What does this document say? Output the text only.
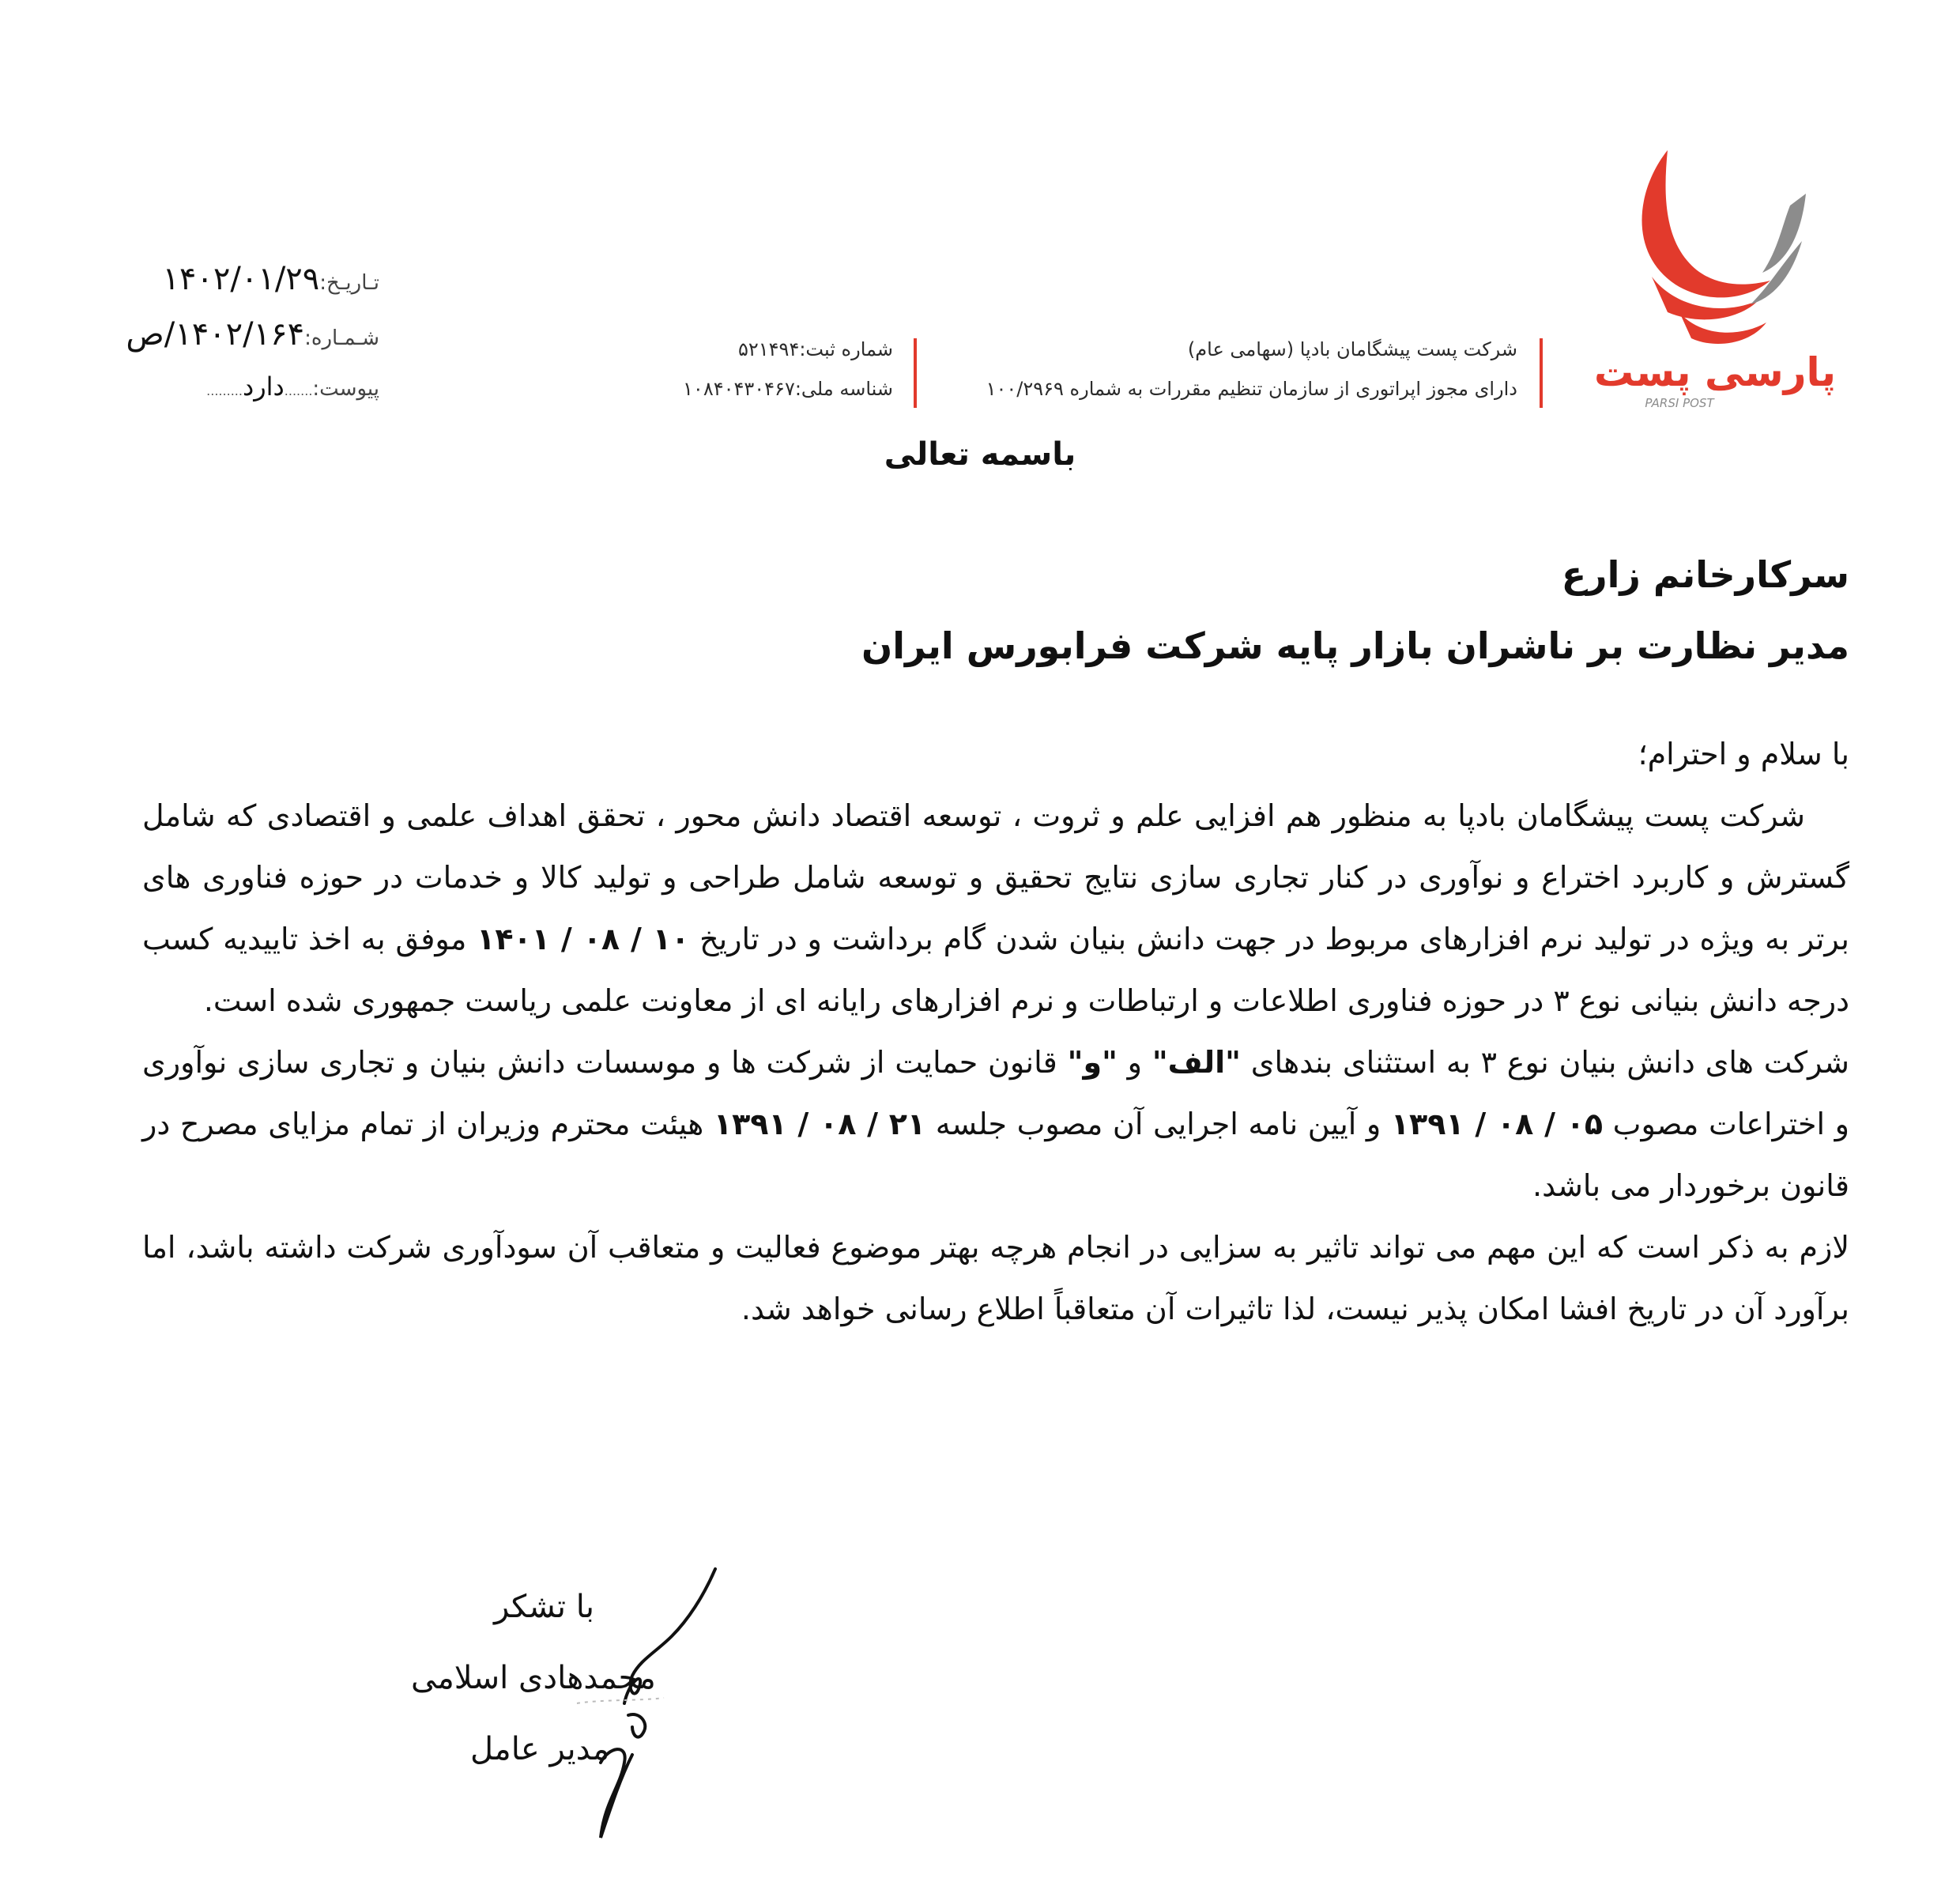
پارسی پست
PARSI POST
شرکت پست پیشگامان بادپا (سهامی عام)
دارای مجوز اپراتوری از سازمان تنظیم مقررات به شماره ۱۰۰/۲۹۶۹
شماره ثبت:۵۲۱۴۹۴
شناسه ملی:۱۰۸۴۰۴۳۰۴۶۷
تـاریـخ:۱۴۰۲/۰۱/۲۹
شـمـاره:۱۴۰۲/۱۶۴/ص
پیوست:.......دارد.........
باسمه تعالی
سرکارخانم زارع
مدیر نظارت بر ناشران بازار پایه شرکت فرابورس ایران

با سلام و احترام؛

شرکت پست پیشگامان بادپا به منظور هم افزایی علم و ثروت ، توسعه اقتصاد دانش محور ، تحقق اهداف علمی و اقتصادی که شامل گسترش و کاربرد اختراع و نوآوری در کنار تجاری سازی نتایج تحقیق و توسعه شامل طراحی و تولید کالا و خدمات در حوزه فناوری های برتر به ویژه در تولید نرم افزارهای مربوط در جهت دانش بنیان شدن گام برداشت و در تاریخ ۱۰ / ۰۸ / ۱۴۰۱ موفق به اخذ تاییدیه کسب درجه دانش بنیانی نوع ۳ در حوزه فناوری اطلاعات و ارتباطات و نرم افزارهای رایانه ای از معاونت علمی ریاست جمهوری شده است.

شرکت های دانش بنیان نوع ۳ به استثنای بندهای "الف" و "و" قانون حمایت از شرکت ها و موسسات دانش بنیان و تجاری سازی نوآوری و اختراعات مصوب ۰۵ / ۰۸ / ۱۳۹۱ و آیین نامه اجرایی آن مصوب جلسه ۲۱ / ۰۸ / ۱۳۹۱ هیئت محترم وزیران از تمام مزایای مصرح در قانون برخوردار می باشد.

لازم به ذکر است که این مهم می تواند تاثیر به سزایی در انجام هرچه بهتر موضوع فعالیت و متعاقب آن سودآوری شرکت داشته باشد، اما برآورد آن در تاریخ افشا امکان پذیر نیست، لذا تاثیرات آن متعاقباً اطلاع رسانی خواهد شد.

با تشکر
محمدهادی اسلامی
مدیر عامل
